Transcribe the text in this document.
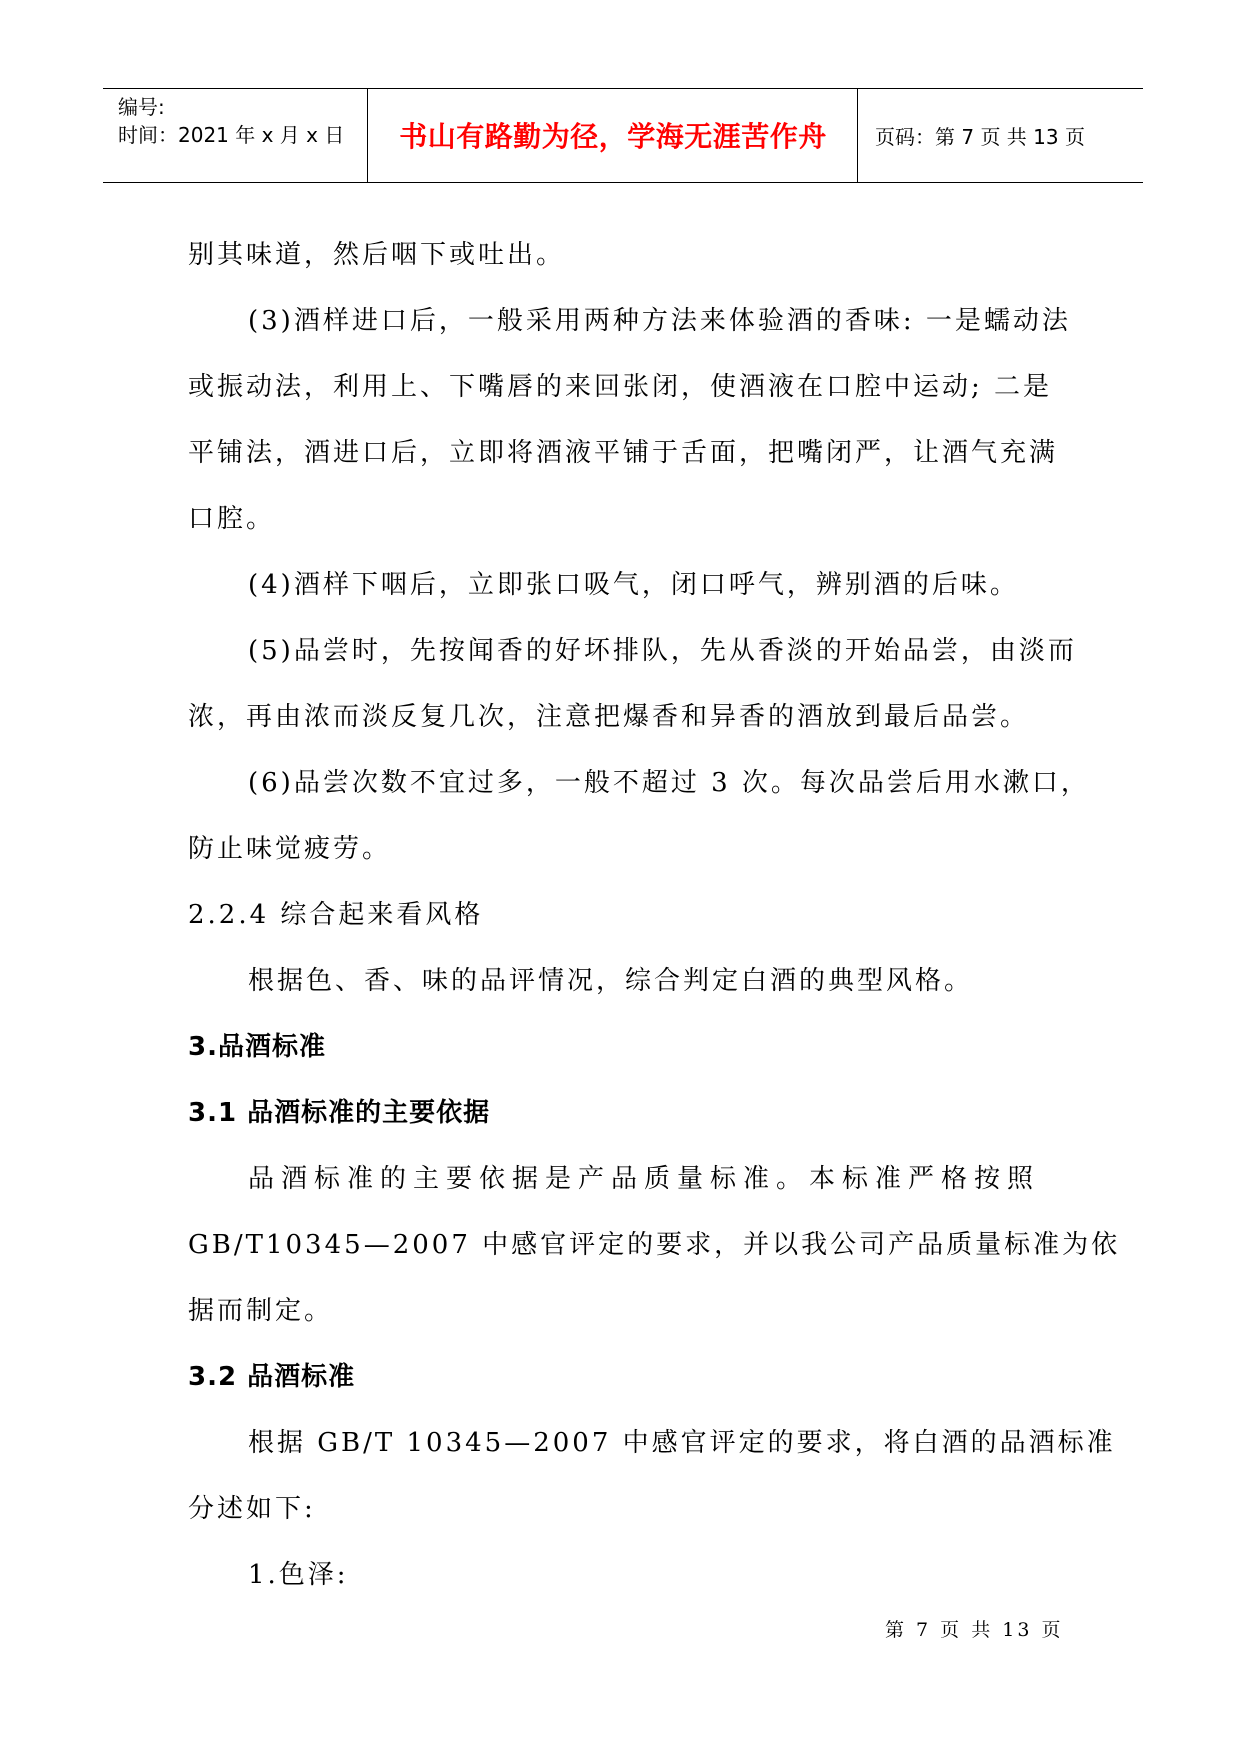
编号:
时间：2021 年 x 月 x 日	书山有路勤为径，学海无涯苦作舟	页码：第 7 页 共 13 页

别其味道，然后咽下或吐出。

(3)酒样进口后，一般采用两种方法来体验酒的香味: 一是蠕动法

或振动法，利用上、下嘴唇的来回张闭，使酒液在口腔中运动; 二是

平铺法，酒进口后，立即将酒液平铺于舌面，把嘴闭严，让酒气充满

口腔。

(4)酒样下咽后，立即张口吸气，闭口呼气，辨别酒的后味。

(5)品尝时，先按闻香的好坏排队，先从香淡的开始品尝，由淡而

浓，再由浓而淡反复几次，注意把爆香和异香的酒放到最后品尝。

(6)品尝次数不宜过多，一般不超过 3 次。每次品尝后用水漱口，

防止味觉疲劳。

2.2.4 综合起来看风格

根据色、香、味的品评情况，综合判定白酒的典型风格。

3.品酒标准

3.1 品酒标准的主要依据

品酒标准的主要依据是产品质量标准。本标准严格按照

GB/T10345—2007 中感官评定的要求，并以我公司产品质量标准为依

据而制定。

3.2 品酒标准

根据 GB/T 10345—2007 中感官评定的要求，将白酒的品酒标准

分述如下:

1.色泽:

第 7 页 共 13 页
